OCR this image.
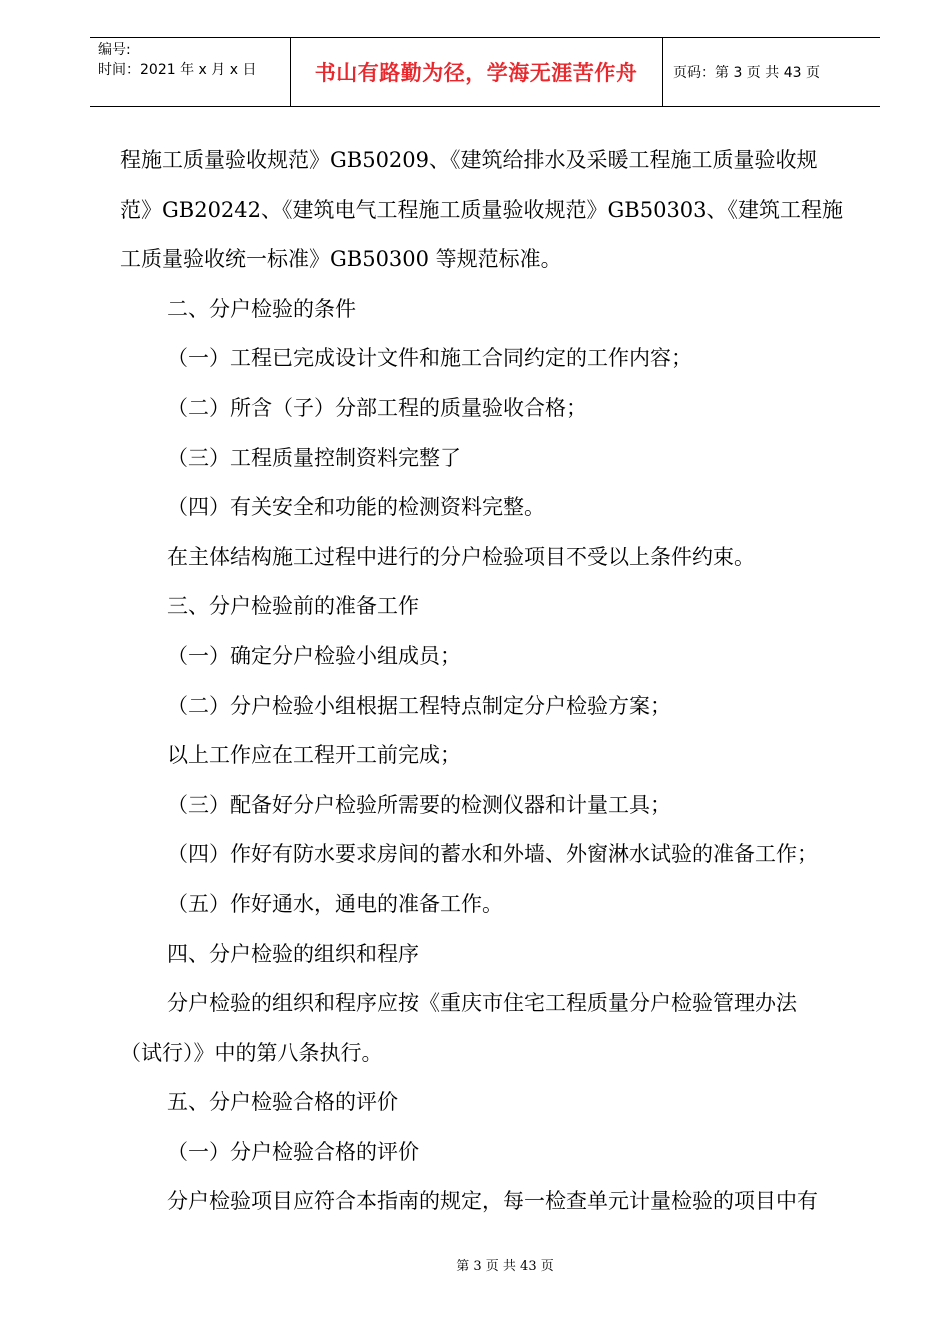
编号:
时间：2021 年 x 月 x 日	书山有路勤为径，学海无涯苦作舟	页码：第 3 页 共 43 页
程施工质量验收规范》GB50209、《建筑给排水及采暖工程施工质量验收规
范》GB20242、《建筑电气工程施工质量验收规范》GB50303、《建筑工程施
工质量验收统一标准》GB50300 等规范标准。
二、分户检验的条件
（一）工程已完成设计文件和施工合同约定的工作内容；
（二）所含（子）分部工程的质量验收合格；
（三）工程质量控制资料完整了
（四）有关安全和功能的检测资料完整。
在主体结构施工过程中进行的分户检验项目不受以上条件约束。
三、分户检验前的准备工作
（一）确定分户检验小组成员；
（二）分户检验小组根据工程特点制定分户检验方案；
以上工作应在工程开工前完成；
（三）配备好分户检验所需要的检测仪器和计量工具；
（四）作好有防水要求房间的蓄水和外墙、外窗淋水试验的准备工作；
（五）作好通水，通电的准备工作。
四、分户检验的组织和程序
分户检验的组织和程序应按《重庆市住宅工程质量分户检验管理办法
（试行）》中的第八条执行。
五、分户检验合格的评价
（一）分户检验合格的评价
分户检验项目应符合本指南的规定，每一检查单元计量检验的项目中有
第 3 页 共 43 页
